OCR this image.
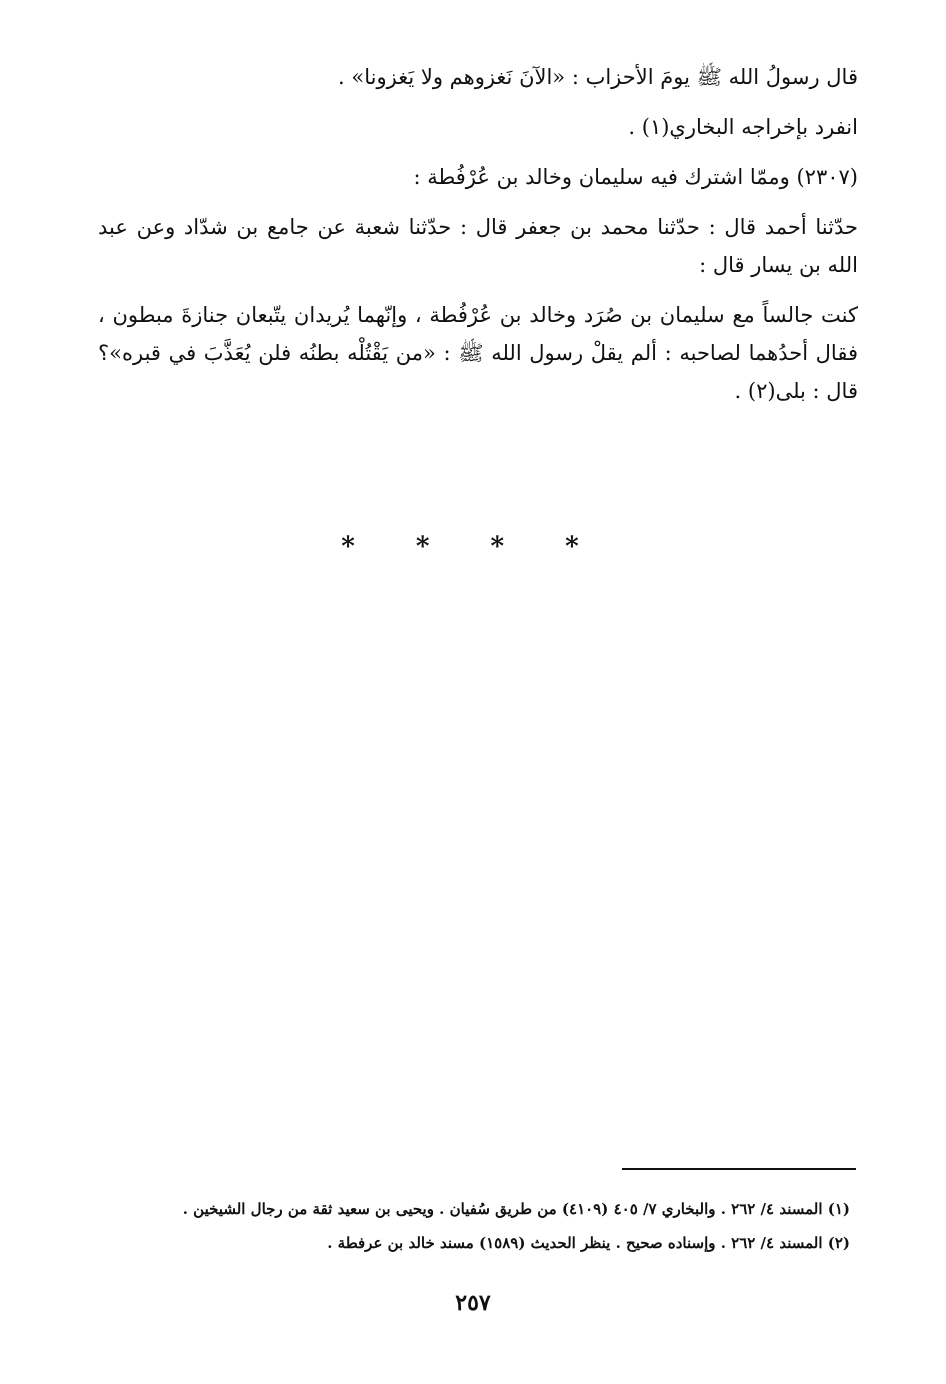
قال رسولُ الله ﷺ يومَ الأحزاب : «الآنَ نَغزوهم ولا يَغزونا» .

انفرد بإخراجه البخاري(١) .

(٢٣٠٧) وممّا اشترك فيه سليمان وخالد بن عُرْفُطة :

حدّثنا أحمد قال : حدّثنا محمد بن جعفر قال : حدّثنا شعبة عن جامع بن شدّاد وعن عبد الله بن يسار قال :

كنت جالساً مع سليمان بن صُرَد وخالد بن عُرْفُطة ، وإنّهما يُريدان يتّبعان جنازةَ مبطون ، فقال أحدُهما لصاحبه : ألم يقلْ رسول الله ﷺ : «من يَقْتُلْه بطنُه فلن يُعَذَّبَ في قبره»؟ قال : بلى(٢) .

* * * *

(١) المسند ٤/ ٢٦٢ . والبخاري ٧/ ٤٠٥ (٤١٠٩) من طريق سُفيان . ويحيى بن سعيد ثقة من رجال الشيخين .

(٢) المسند ٤/ ٢٦٢ . وإسناده صحيح . ينظر الحديث (١٥٨٩) مسند خالد بن عرفطة .

٢٥٧
